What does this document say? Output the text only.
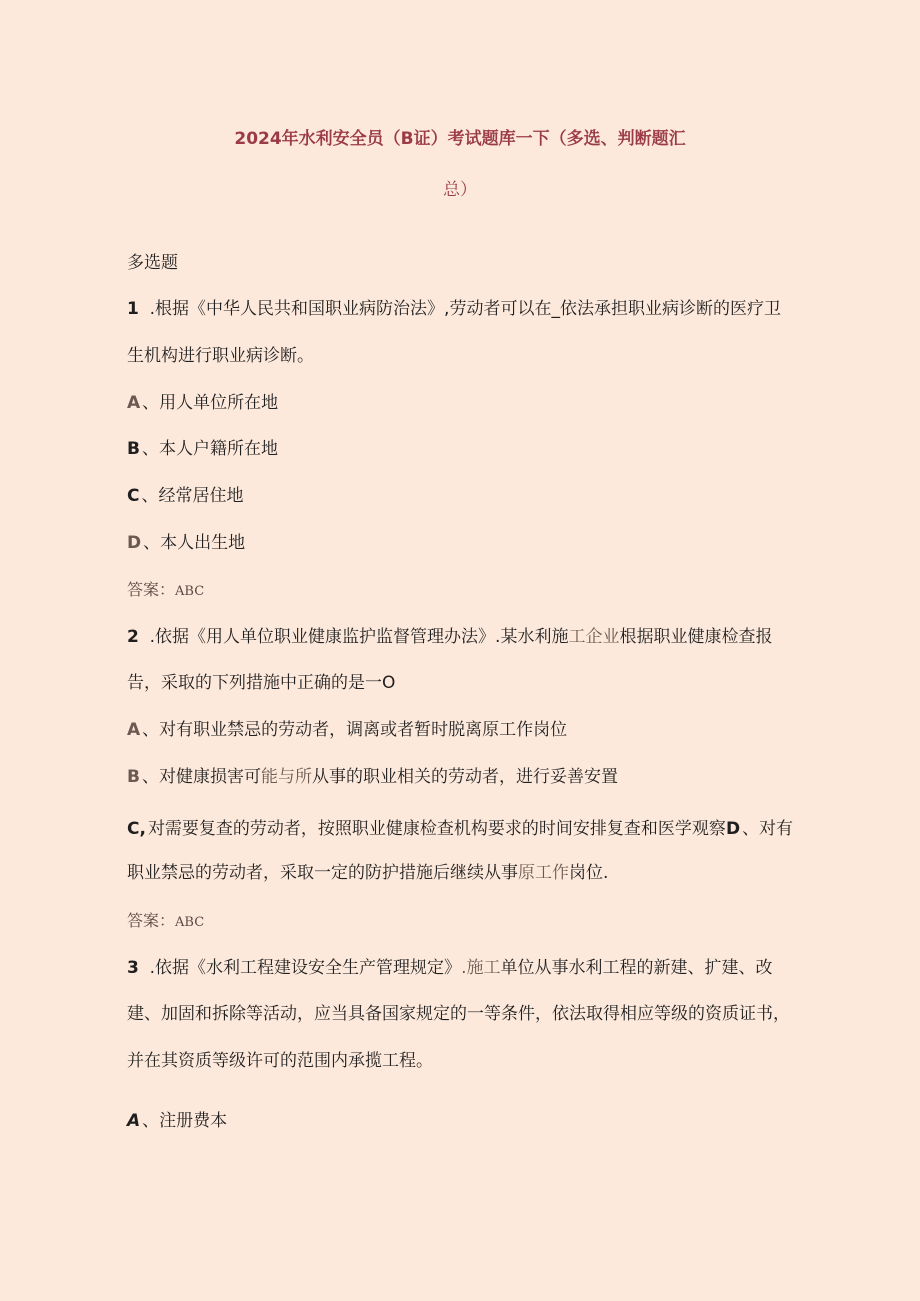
2024年水利安全员（B证）考试题库一下（多选、判断题汇
总）
多选题
1 .根据《中华人民共和国职业病防治法》,劳动者可以在_依法承担职业病诊断的医疗卫
生机构进行职业病诊断。
A 、用人单位所在地
B 、本人户籍所在地
C 、经常居住地
D 、本人出生地
答案：ABC
2 .依据《用人单位职业健康监护监督管理办法》.某水利施工企业根据职业健康检查报
告，采取的下列措施中正确的是一O
A 、对有职业禁忌的劳动者，调离或者暂时脱离原工作岗位
B 、对健康损害可能与所从事的职业相关的劳动者，进行妥善安置
C, 对需要复查的劳动者，按照职业健康检查机构要求的时间安排复查和医学观察D 、对有
职业禁忌的劳动者，采取一定的防护措施后继续从事原工作岗位.
答案：ABC
3 .依据《水利工程建设安全生产管理规定》.施工单位从事水利工程的新建、扩建、改
建、加固和拆除等活动，应当具备国家规定的一等条件，依法取得相应等级的资质证书，
并在其资质等级许可的范围内承揽工程。
A 、注册费本
